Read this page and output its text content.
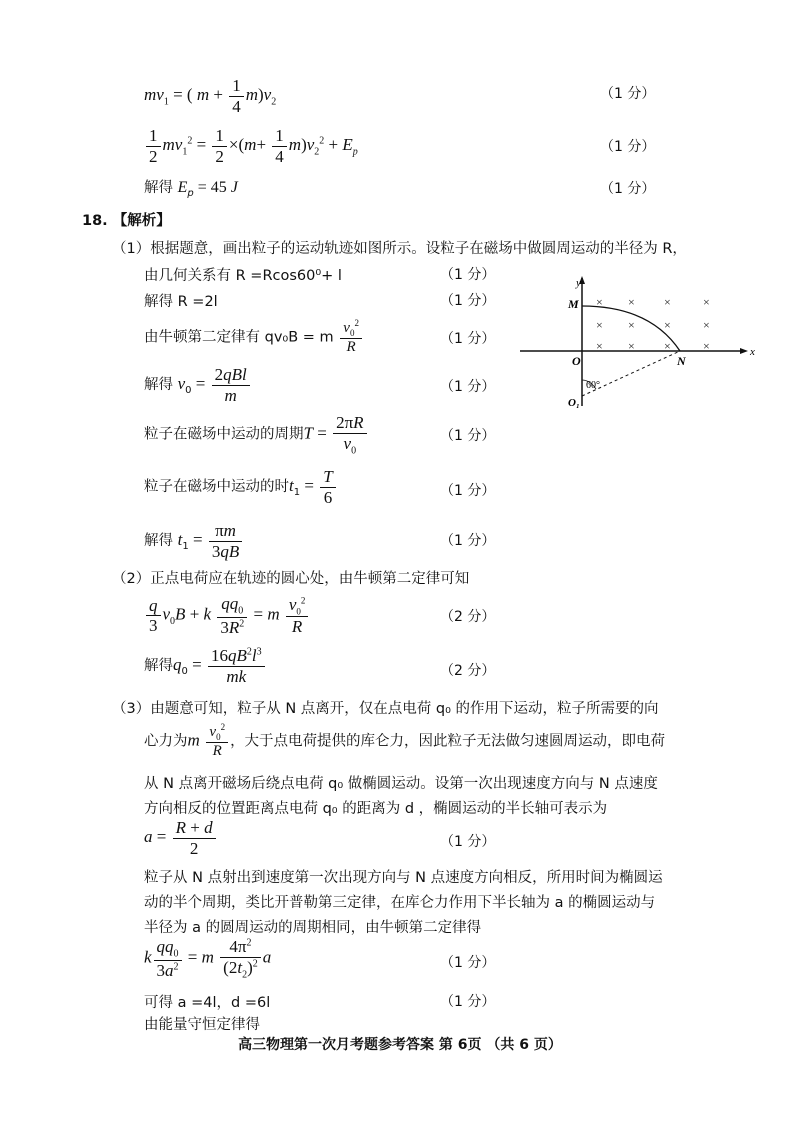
$mv_1$ = ( $m + \frac{1}{4} m)v_2$	（1 分）
$\frac{1}{2} mv_1^2 = \frac{1}{2} \times(m+ \frac{1}{4} m)v_2^2 + E_p$	（1 分）
解得 $E_p = 45$ J	（1 分）
18. 【解析】
（1）根据题意，画出粒子的运动轨迹如图所示。设粒子在磁场中做圆周运动的半径为 R，
由几何关系有 R =Rcos60⁰+ l	（1 分）
解得 R =2l	（1 分）
由牛顿第二定律有 qv₀B = m $\frac{v_0^2}{R}$	（1 分）
解得 $v_0 = \frac{\text{2qBl}}{m}$	（1 分）
粒子在磁场中运动的周期$T = \frac{2\pi R}{v_0}$	（1 分）
粒子在磁场中运动的时$t_1 = \frac{T}{6}$	（1 分）
解得 $t_1 = \frac{\pi m}{3qB}$	（1 分）
（2）正点电荷应在轨迹的圆心处，由牛顿第二定律可知
$\frac{q}{3} v_0B + k \frac{qq_0}{3R^2} = m \frac{v_0^2}{R}$	（2 分）
解得$q_0 = \frac{16qB^2l^3}{mk}$	（2 分）
（3）由题意可知，粒子从 N 点离开，仅在点电荷 q₀ 的作用下运动，粒子所需要的向
心力为m $\frac{v_0^2}{R}$ ，大于点电荷提供的库仑力，因此粒子无法做匀速圆周运动，即电荷
从 N 点离开磁场后绕点电荷 q₀ 做椭圆运动。设第一次出现速度方向与 N 点速度
方向相反的位置距离点电荷 q₀ 的距离为 d ，椭圆运动的半长轴可表示为
$a = \frac{R + d}{2}$	（1 分）
粒子从 N 点射出到速度第一次出现方向与 N 点速度方向相反，所用时间为椭圆运
动的半个周期，类比开普勒第三定律，在库仑力作用下半长轴为 a 的椭圆运动与
半径为 a 的圆周运动的周期相同，由牛顿第二定律得
k $\frac{qq_0}{3a^2} = m \frac{4\pi^2}{(2t_2)^2}$ a	（1 分）
可得 a =4l，d =6l	（1 分）
由能量守恒定律得
y
x
M
O	N
O₁
60°
× × ×	×
× × ×	×
× × ×	×
高三物理第一次月考题参考答案 第 6页 （共 6 页）
